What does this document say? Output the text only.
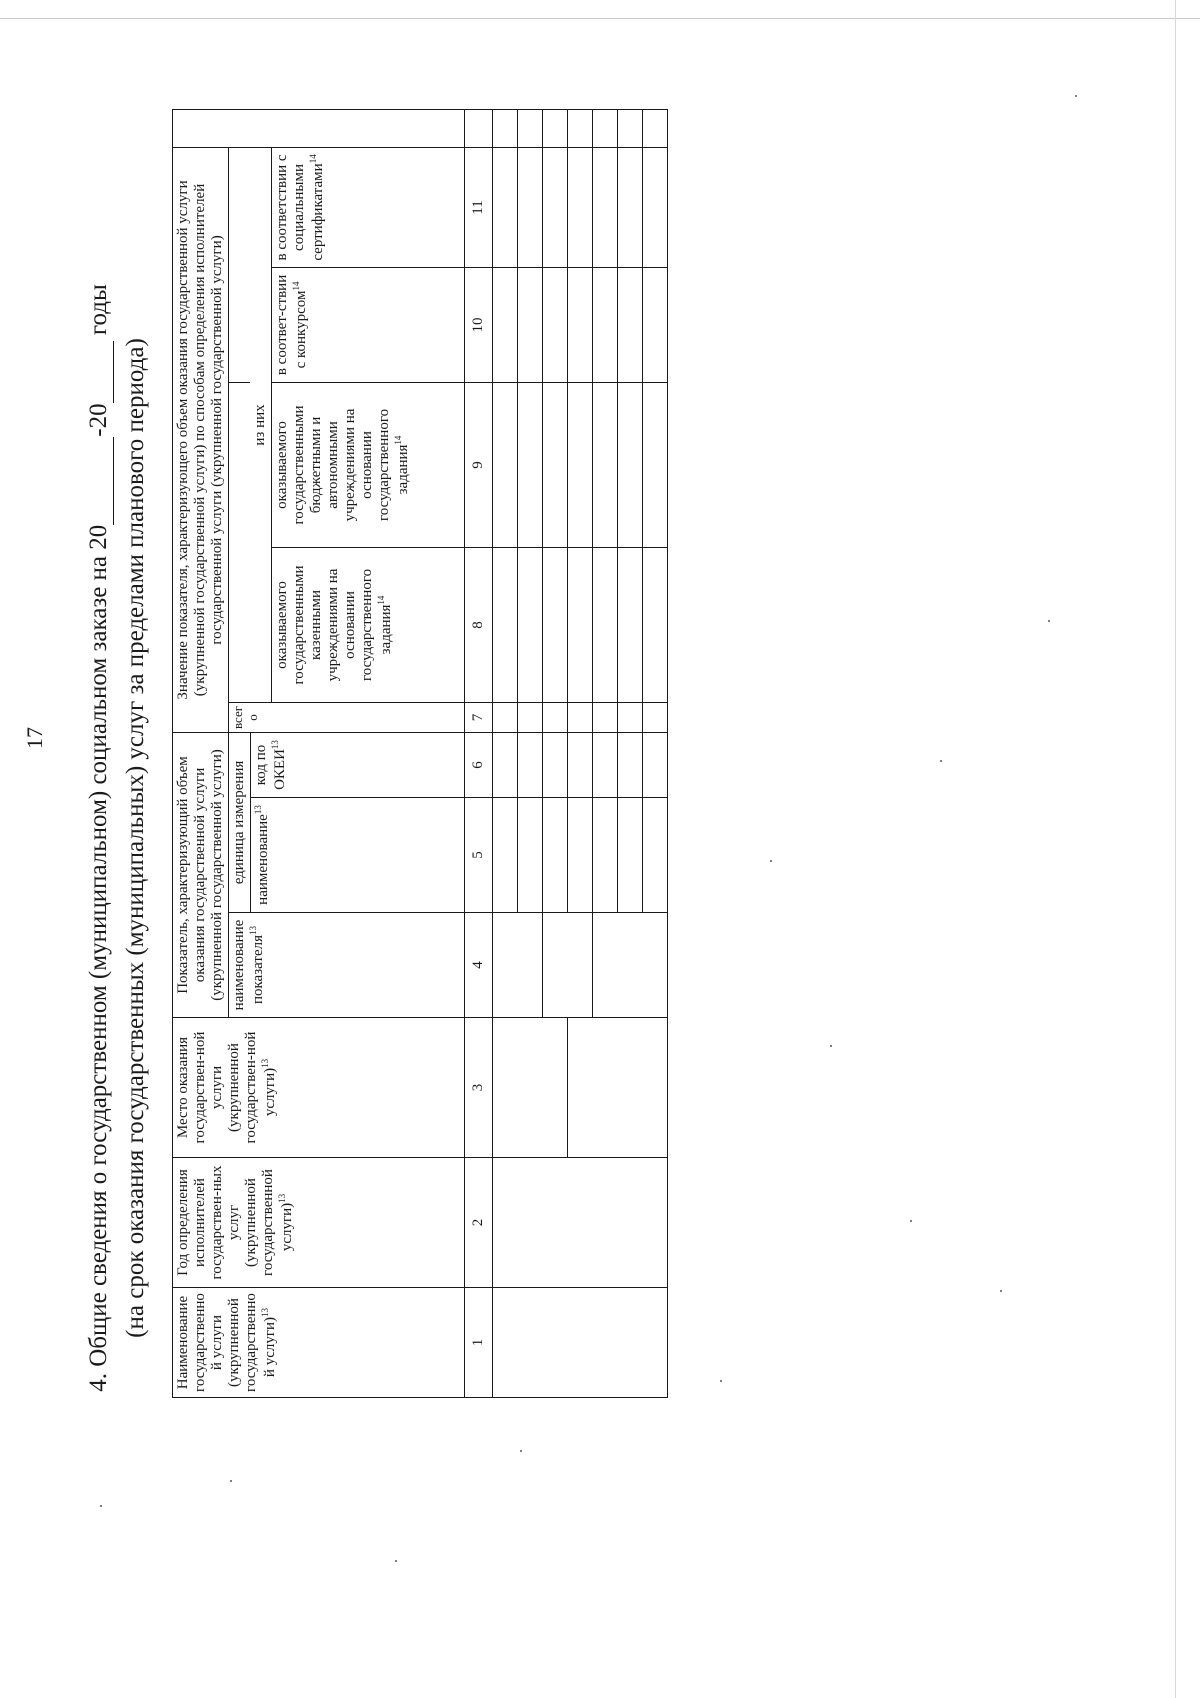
17 4. Общие сведения о государственном (муниципальном) социальном заказе на 20 -20  годы
(на срок оказания государственных (муниципальных) услуг за пределами планового периода)
Наименование государственной услуги (укрупненной государственной услуги)$^{13}$	Год определения исполнителей государствен-ных услуг (укрупненной государственной услуги)$^{13}$	Место оказания государствен-ной услуги (укрупненной государствен-ной услуги)$^{13}$	Показатель, характеризующий объем оказания государственной услуги (укрупненной государственной услуги)			Значение показателя, характеризующего объем оказания государственной услуги (укрупненной государственной услуги) по способам определения исполнителей государственной услуги (укрупненной государственной услуги)					
			наименование показателя$^{13}$	единица измерения		всего					
				наименование$^{13}$	код по ОКЕИ$^{13}$		из них				
							оказываемого государственными казенными учреждениями на основании государственного задания$^{14}$	оказываемого государственными бюджетными и автономными учреждениями на основании государственного задания$^{14}$	в соответ-ствии с конкурсом$^{14}$	в соответствии с социальными сертификатами$^{14}$
1	2	3	4	5	6	7	8	9	10	11	
